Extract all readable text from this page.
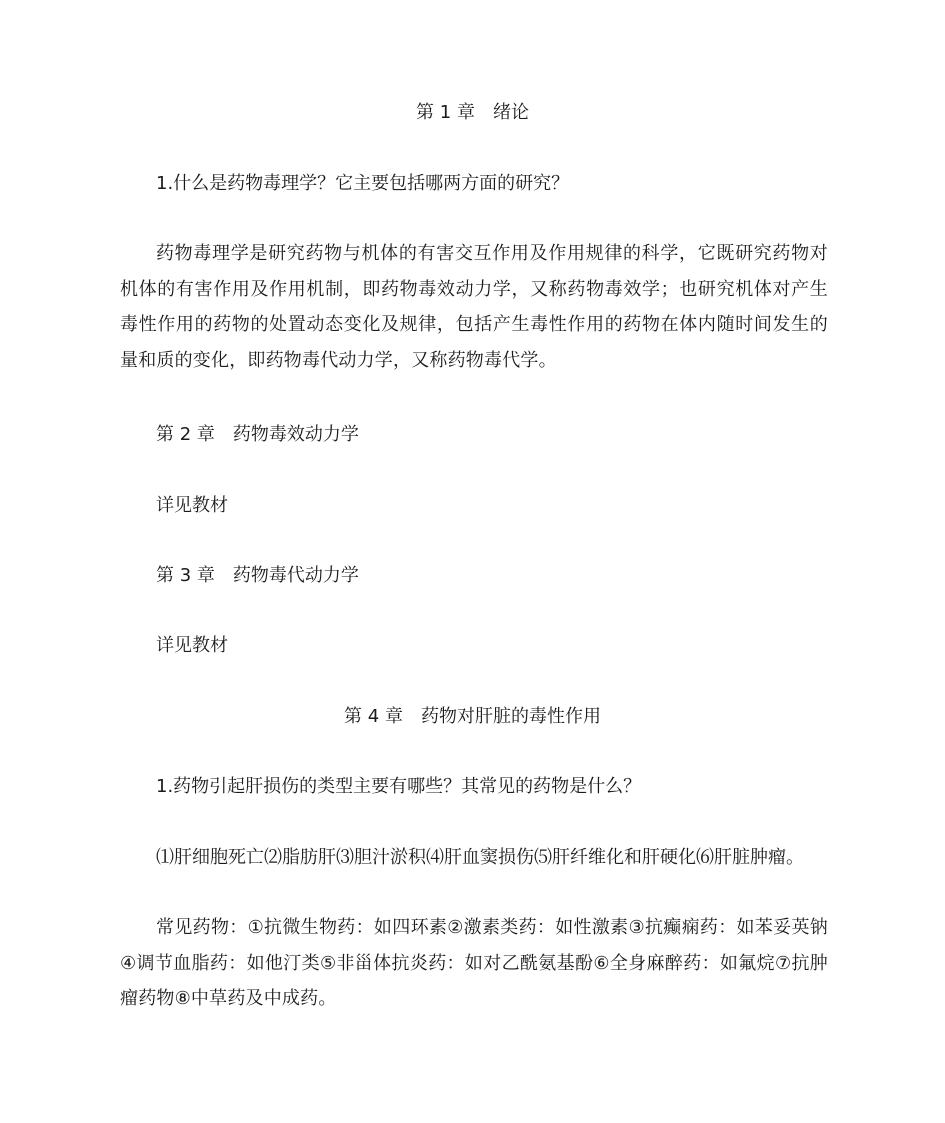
第 1 章　绪论
1.什么是药物毒理学？它主要包括哪两方面的研究？
药物毒理学是研究药物与机体的有害交互作用及作用规律的科学，它既研究药物对机体的有害作用及作用机制，即药物毒效动力学，又称药物毒效学；也研究机体对产生毒性作用的药物的处置动态变化及规律，包括产生毒性作用的药物在体内随时间发生的量和质的变化，即药物毒代动力学，又称药物毒代学。
第 2 章　药物毒效动力学
详见教材
第 3 章　药物毒代动力学
详见教材
第 4 章　药物对肝脏的毒性作用
1.药物引起肝损伤的类型主要有哪些？其常见的药物是什么？
⑴肝细胞死亡⑵脂肪肝⑶胆汁淤积⑷肝血窦损伤⑸肝纤维化和肝硬化⑹肝脏肿瘤。
常见药物：①抗微生物药：如四环素②激素类药：如性激素③抗癫痫药：如苯妥英钠④调节血脂药：如他汀类⑤非甾体抗炎药：如对乙酰氨基酚⑥全身麻醉药：如氟烷⑦抗肿瘤药物⑧中草药及中成药。
